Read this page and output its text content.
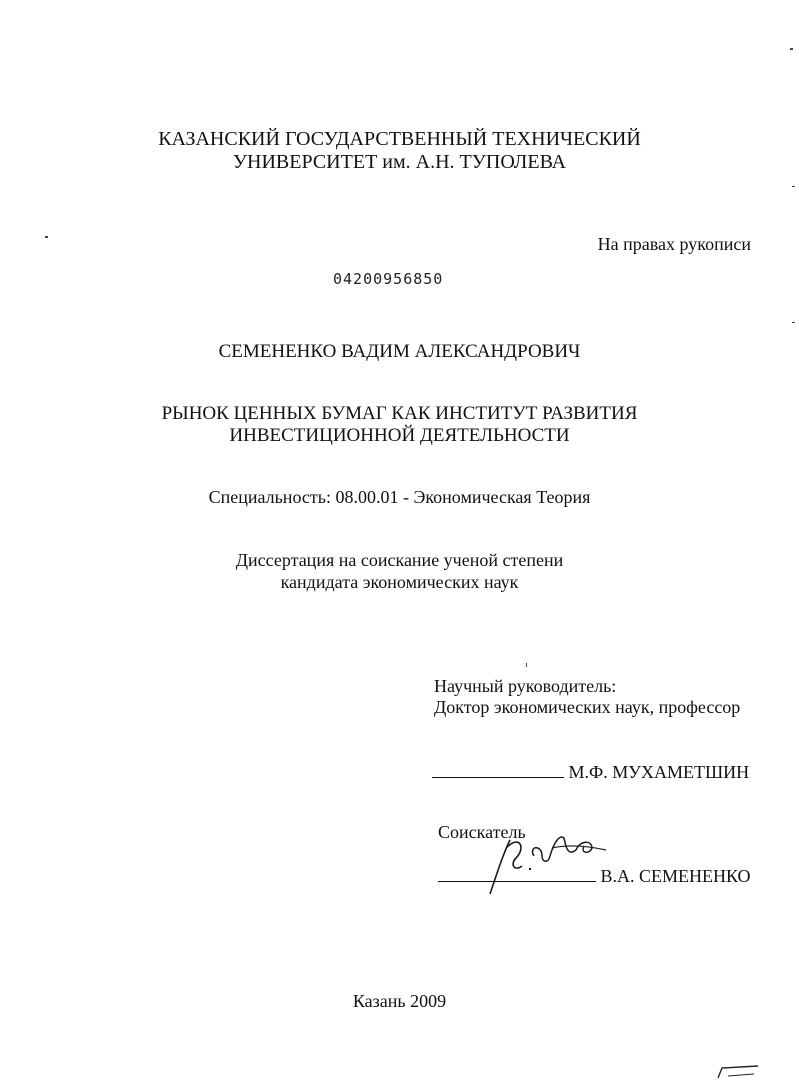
КАЗАНСКИЙ ГОСУДАРСТВЕННЫЙ ТЕХНИЧЕСКИЙ
УНИВЕРСИТЕТ им. А.Н. ТУПОЛЕВА
На правах рукописи
04200956850
СЕМЕНЕНКО ВАДИМ АЛЕКСАНДРОВИЧ
РЫНОК ЦЕННЫХ БУМАГ КАК ИНСТИТУТ РАЗВИТИЯ
ИНВЕСТИЦИОННОЙ ДЕЯТЕЛЬНОСТИ
Специальность: 08.00.01 - Экономическая Теория
Диссертация на соискание ученой степени
кандидата экономических наук
Научный руководитель:
Доктор экономических наук, профессор
М.Ф. МУХАМЕТШИН
Соискатель
В.А. СЕМЕНЕНКО
Казань 2009
